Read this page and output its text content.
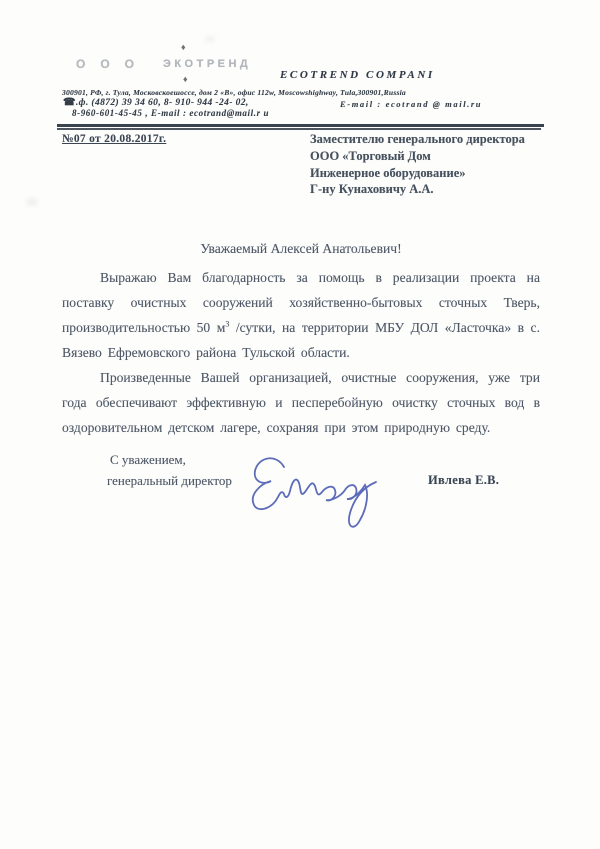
ООО ЭКОТРЕНД
♦
♦	ECOTREND COMPANI
300901, РФ, г. Тула, Московскоешоссе, дом 2 «В», офис 112w, Moscowshighway, Tula,300901,Russia
☎.ф. (4872) 39 34 60, 8- 910- 944 -24- 02,	E-mail : ecotrand @ mail.ru
8-960-601-45-45 , E-mail : ecotrand@mail.r u
№07 от 20.08.2017г.	Заместителю генерального директора
ООО «Торговый Дом
Инженерное оборудование»
Г-ну Кунаховичу А.А.
Уважаемый Алексей Анатольевич!

Выражаю Вам благодарность за помощь в реализации проекта на поставку очистных сооружений хозяйственно-бытовых сточных Тверь, производительностью 50 $м^3$ /сутки, на территории МБУ ДОЛ «Ласточка» в с. Вязево Ефремовского района Тульской области.

Произведенные Вашей организацией, очистные сооружения, уже три года обеспечивают эффективную и песперебойную очистку сточных вод в оздоровительном детском лагере, сохраняя при этом природную среду.

С уважением,
генеральный директор	Ивлева Е.В.
